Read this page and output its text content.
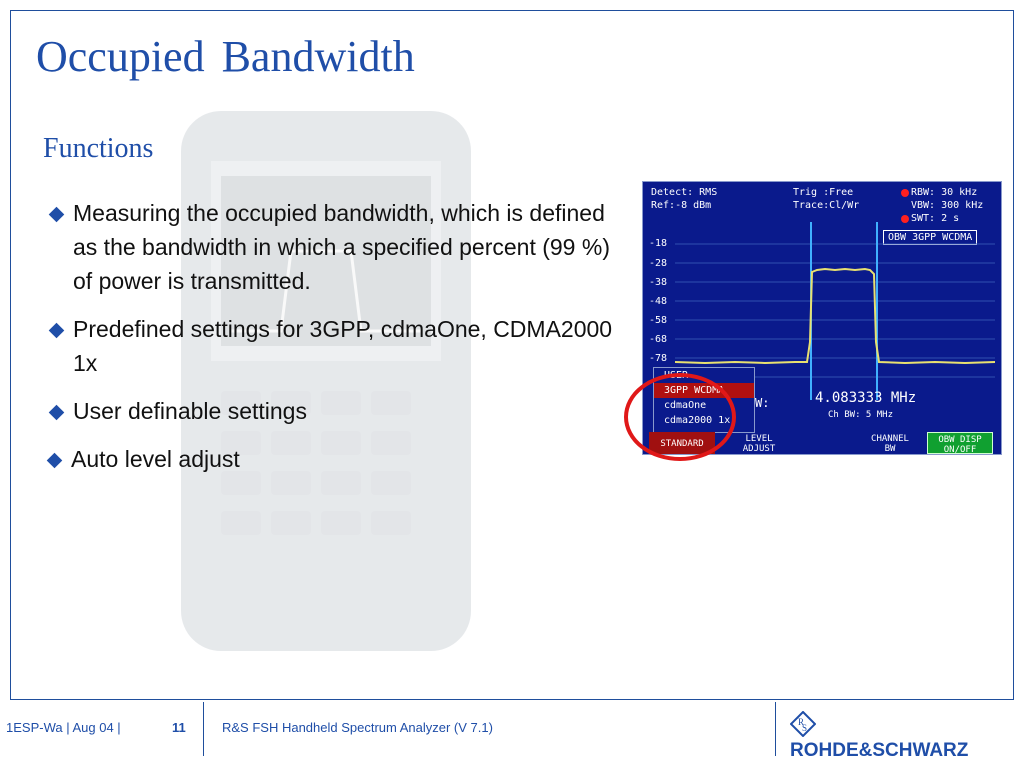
Occupied Bandwidth
Functions
Measuring the occupied bandwidth, which is defined as the bandwidth in which a specified percent (99 %) of power is transmitted.
Predefined settings for 3GPP, cdmaOne, CDMA2000 1x
User definable settings
Auto level adjust
Detect: RMS
Ref:-8 dBm
Trig :Free
Trace:Cl/Wr
RBW: 30 kHz
VBW: 300 kHz
SWT: 2 s
OBW 3GPP WCDMA
-18
-28
-38
-48
-58
-68
-78
USER
3GPP WCDMA
cdmaOne
cdma2000 1x
W:	4.083333 MHz
Ch BW: 5 MHz
STANDARD	LEVEL
ADJUST
CHANNEL
BW
OBW DISP
ON/OFF
1ESP-Wa | Aug 04 |	11	R&S FSH Handheld Spectrum Analyzer (V 7.1)	R
S
ROHDE&SCHWARZ
